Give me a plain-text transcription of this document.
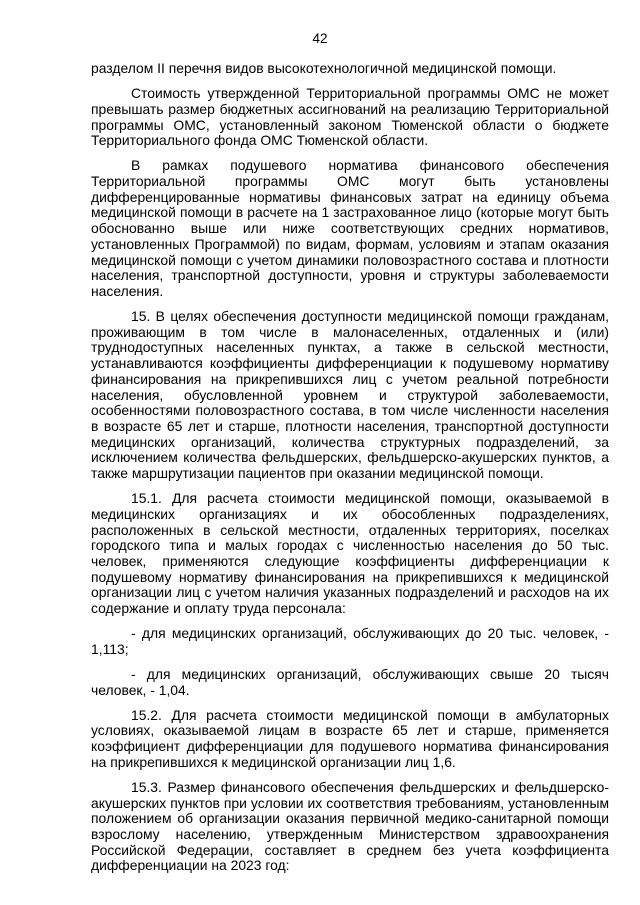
42

разделом II перечня видов высокотехнологичной медицинской помощи.

Стоимость утвержденной Территориальной программы ОМС не может превышать размер бюджетных ассигнований на реализацию Территориальной программы ОМС, установленный законом Тюменской области о бюджете Территориального фонда ОМС Тюменской области.

В рамках подушевого норматива финансового обеспечения Территориальной программы ОМС могут быть установлены дифференцированные нормативы финансовых затрат на единицу объема медицинской помощи в расчете на 1 застрахованное лицо (которые могут быть обоснованно выше или ниже соответствующих средних нормативов, установленных Программой) по видам, формам, условиям и этапам оказания медицинской помощи с учетом динамики половозрастного состава и плотности населения, транспортной доступности, уровня и структуры заболеваемости населения.

15. В целях обеспечения доступности медицинской помощи гражданам, проживающим в том числе в малонаселенных, отдаленных и (или) труднодоступных населенных пунктах, а также в сельской местности, устанавливаются коэффициенты дифференциации к подушевому нормативу финансирования на прикрепившихся лиц с учетом реальной потребности населения, обусловленной уровнем и структурой заболеваемости, особенностями половозрастного состава, в том числе численности населения в возрасте 65 лет и старше, плотности населения, транспортной доступности медицинских организаций, количества структурных подразделений, за исключением количества фельдшерских, фельдшерско-акушерских пунктов, а также маршрутизации пациентов при оказании медицинской помощи.

15.1. Для расчета стоимости медицинской помощи, оказываемой в медицинских организациях и их обособленных подразделениях, расположенных в сельской местности, отдаленных территориях, поселках городского типа и малых городах с численностью населения до 50 тыс. человек, применяются следующие коэффициенты дифференциации к подушевому нормативу финансирования на прикрепившихся к медицинской организации лиц с учетом наличия указанных подразделений и расходов на их содержание и оплату труда персонала:

- для медицинских организаций, обслуживающих до 20 тыс. человек, - 1,113;

- для медицинских организаций, обслуживающих свыше 20 тысяч человек, - 1,04.

15.2. Для расчета стоимости медицинской помощи в амбулаторных условиях, оказываемой лицам в возрасте 65 лет и старше, применяется коэффициент дифференциации для подушевого норматива финансирования на прикрепившихся к медицинской организации лиц 1,6.

15.3. Размер финансового обеспечения фельдшерских и фельдшерско-акушерских пунктов при условии их соответствия требованиям, установленным положением об организации оказания первичной медико-санитарной помощи взрослому населению, утвержденным Министерством здравоохранения Российской Федерации, составляет в среднем без учета коэффициента дифференциации на 2023 год:
